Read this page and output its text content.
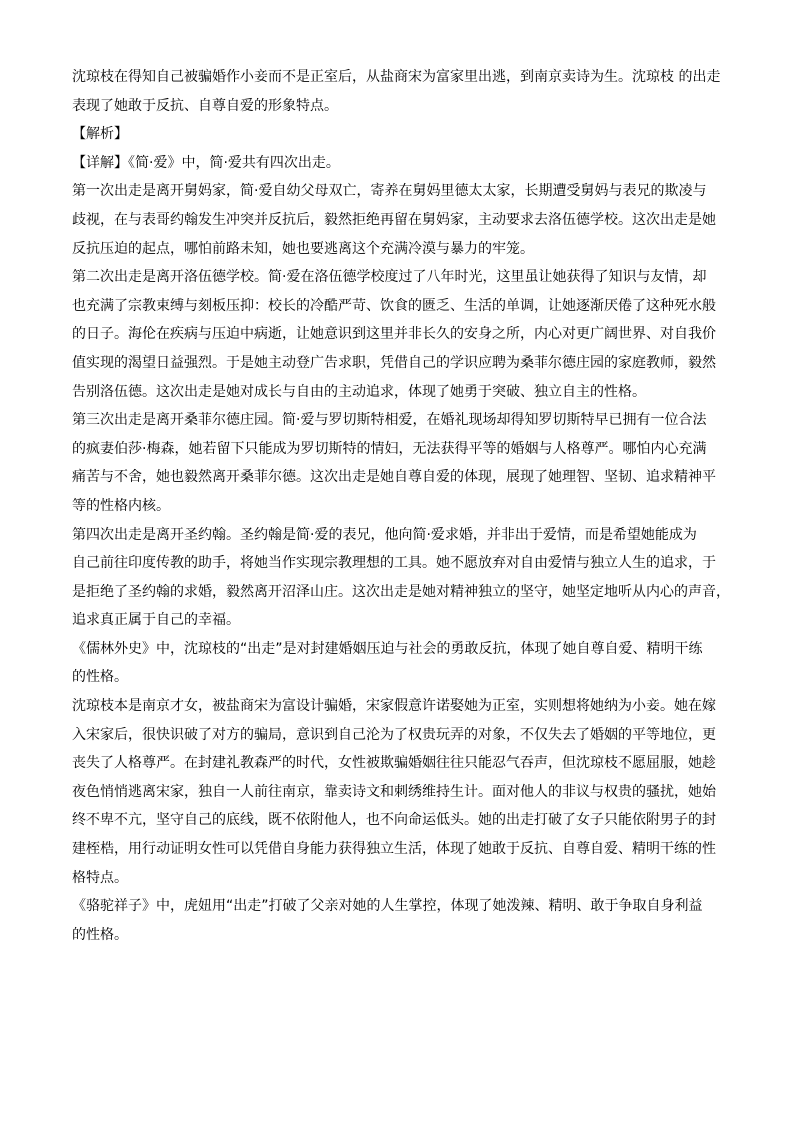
沈琼枝在得知自己被骗婚作小妾而不是正室后，从盐商宋为富家里出逃，到南京卖诗为生。沈琼枝 的出走
表现了她敢于反抗、自尊自爱的形象特点。
【解析】
【详解】《简·爱》中，简·爱共有四次出走。
第一次出走是离开舅妈家，简·爱自幼父母双亡，寄养在舅妈里德太太家，长期遭受舅妈与表兄的欺凌与
歧视，在与表哥约翰发生冲突并反抗后，毅然拒绝再留在舅妈家，主动要求去洛伍德学校。这次出走是她
反抗压迫的起点，哪怕前路未知，她也要逃离这个充满冷漠与暴力的牢笼。
第二次出走是离开洛伍德学校。简·爱在洛伍德学校度过了八年时光，这里虽让她获得了知识与友情，却
也充满了宗教束缚与刻板压抑：校长的冷酷严苛、饮食的匮乏、生活的单调，让她逐渐厌倦了这种死水般
的日子。海伦在疾病与压迫中病逝，让她意识到这里并非长久的安身之所，内心对更广阔世界、对自我价
值实现的渴望日益强烈。于是她主动登广告求职，凭借自己的学识应聘为桑菲尔德庄园的家庭教师，毅然
告别洛伍德。这次出走是她对成长与自由的主动追求，体现了她勇于突破、独立自主的性格。
第三次出走是离开桑菲尔德庄园。简·爱与罗切斯特相爱，在婚礼现场却得知罗切斯特早已拥有一位合法
的疯妻伯莎·梅森，她若留下只能成为罗切斯特的情妇，无法获得平等的婚姻与人格尊严。哪怕内心充满
痛苦与不舍，她也毅然离开桑菲尔德。这次出走是她自尊自爱的体现，展现了她理智、坚韧、追求精神平
等的性格内核。
第四次出走是离开圣约翰。圣约翰是简·爱的表兄，他向简·爱求婚，并非出于爱情，而是希望她能成为
自己前往印度传教的助手，将她当作实现宗教理想的工具。她不愿放弃对自由爱情与独立人生的追求，于
是拒绝了圣约翰的求婚，毅然离开沼泽山庄。这次出走是她对精神独立的坚守，她坚定地听从内心的声音，
追求真正属于自己的幸福。
《儒林外史》中，沈琼枝的“出走”是对封建婚姻压迫与社会的勇敢反抗，体现了她自尊自爱、精明干练
的性格。
沈琼枝本是南京才女，被盐商宋为富设计骗婚，宋家假意许诺娶她为正室，实则想将她纳为小妾。她在嫁
入宋家后，很快识破了对方的骗局，意识到自己沦为了权贵玩弄的对象，不仅失去了婚姻的平等地位，更
丧失了人格尊严。在封建礼教森严的时代，女性被欺骗婚姻往往只能忍气吞声，但沈琼枝不愿屈服，她趁
夜色悄悄逃离宋家，独自一人前往南京，靠卖诗文和刺绣维持生计。面对他人的非议与权贵的骚扰，她始
终不卑不亢，坚守自己的底线，既不依附他人，也不向命运低头。她的出走打破了女子只能依附男子的封
建桎梏，用行动证明女性可以凭借自身能力获得独立生活，体现了她敢于反抗、自尊自爱、精明干练的性
格特点。
《骆驼祥子》中，虎妞用“出走”打破了父亲对她的人生掌控，体现了她泼辣、精明、敢于争取自身利益
的性格。
